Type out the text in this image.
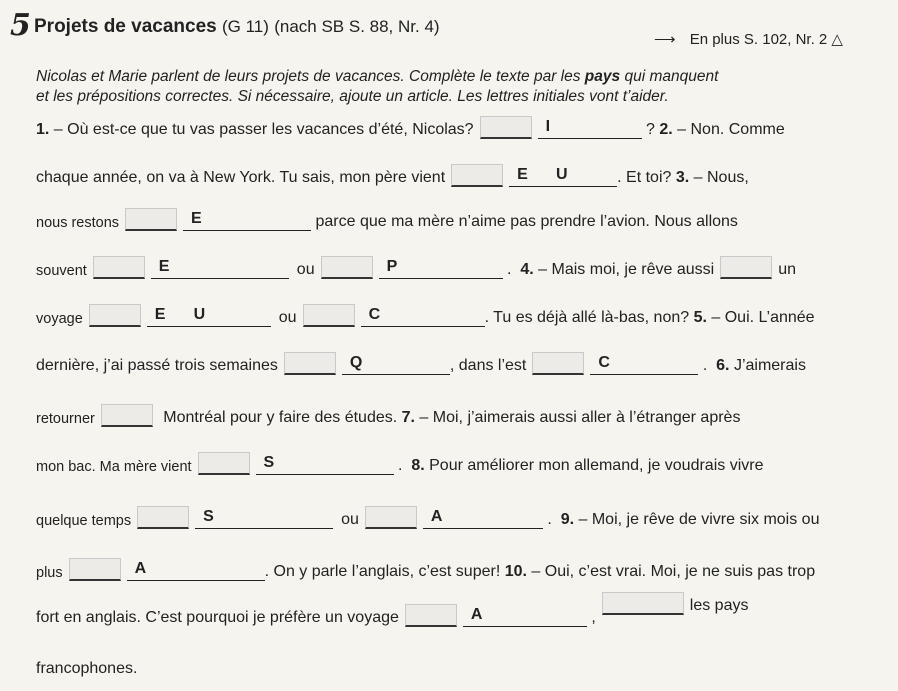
5 Projets de vacances (G 11) (nach SB S. 88, Nr. 4)
⟶ En plus S. 102, Nr. 2 △
Nicolas et Marie parlent de leurs projets de vacances. Complète le texte par les pays qui manquent
et les prépositions correctes. Si nécessaire, ajoute un article. Les lettres initiales vont t’aider.
1. – Où est-ce que tu vas passer les vacances d’été, Nicolas?	I	? 2. – Non. Comme
chaque année, on va à New York. Tu sais, mon père vient	E     U	. Et toi? 3. – Nous,
nous restons	E	parce que ma mère n’aime pas prendre l’avion. Nous allons
souvent	E	ou	P	. 4. – Mais moi, je rêve aussi	un
voyage	E     U	ou	C	. Tu es déjà allé là-bas, non? 5. – Oui. L’année
dernière, j’ai passé trois semaines	Q	, dans l’est	C	. 6. J’aimerais
retourner	Montréal pour y faire des études. 7. – Moi, j’aimerais aussi aller à l’étranger après
mon bac. Ma mère vient	S	. 8. Pour améliorer mon allemand, je voudrais vivre
quelque temps	S	ou	A	. 9. – Moi, je rêve de vivre six mois ou
plus	A	. On y parle l’anglais, c’est super! 10. – Oui, c’est vrai. Moi, je ne suis pas trop
fort en anglais. C’est pourquoi je préfère un voyage	A	,
les pays
francophones.
